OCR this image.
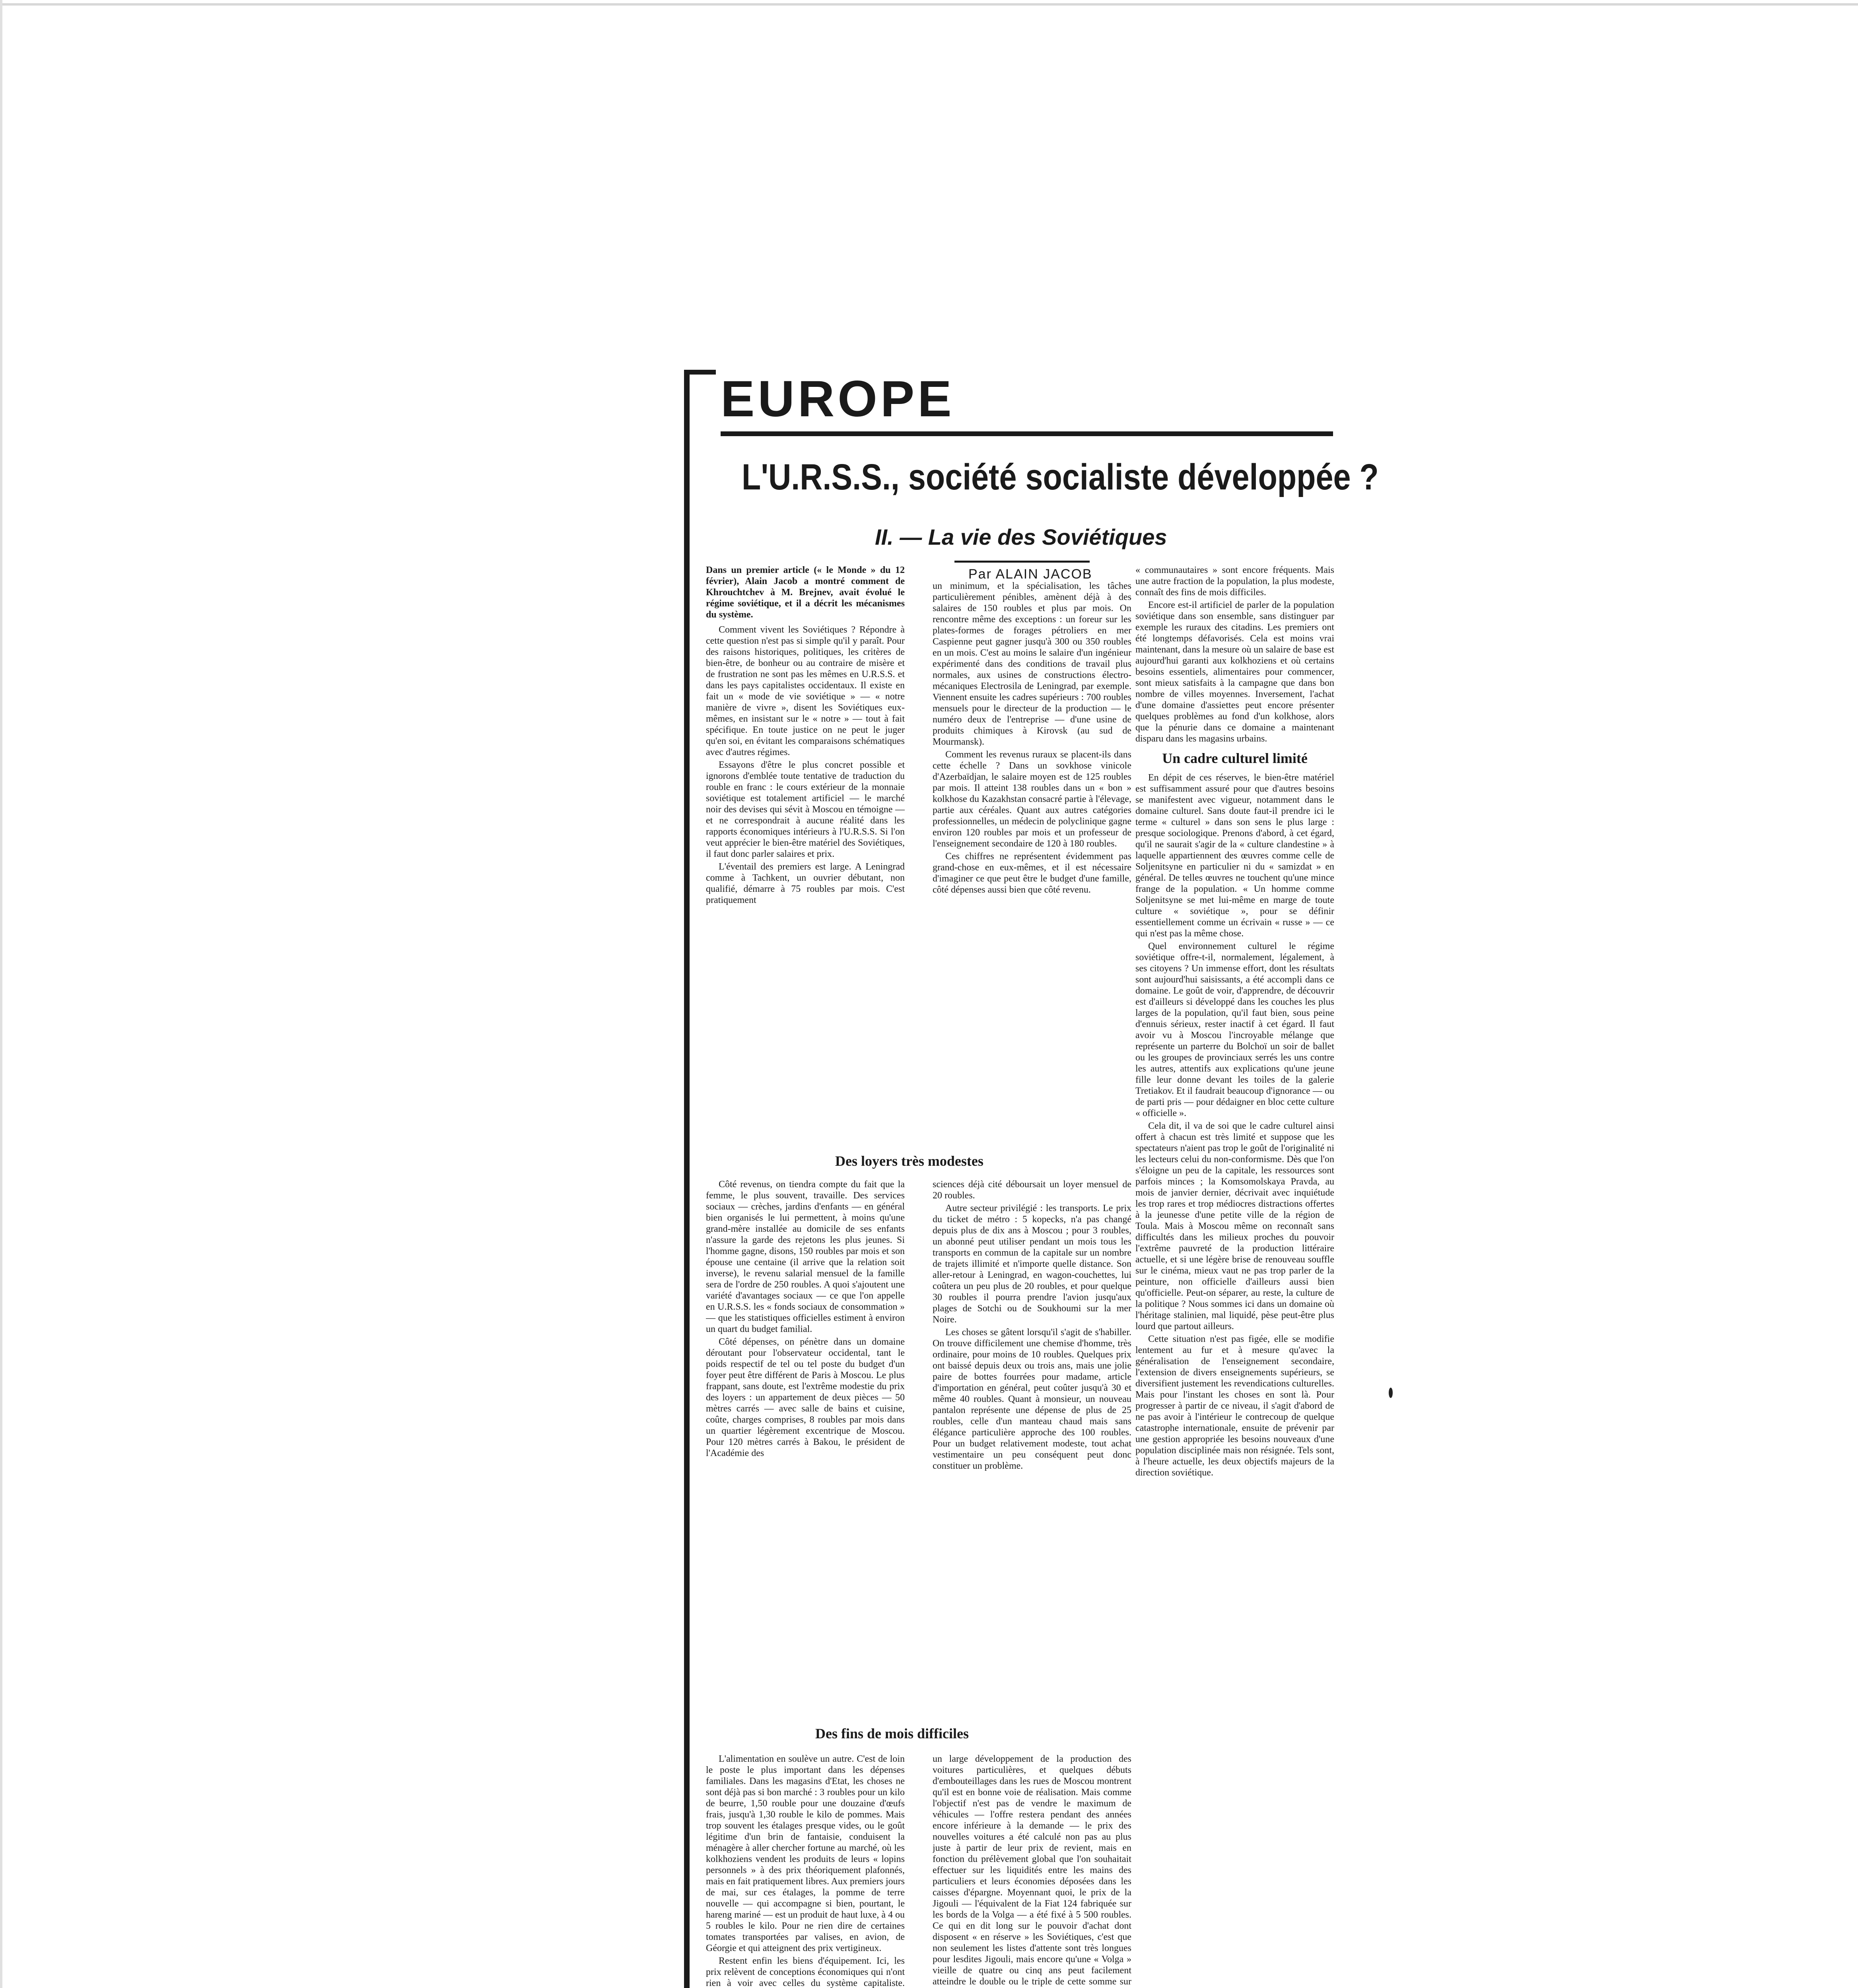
EUROPE
L'U.R.S.S., société socialiste développée ?
II. — La vie des Soviétiques
Par ALAIN JACOB

Dans un premier article (« le Monde » du 12 février), Alain Jacob a montré comment de Khrouchtchev à M. Brejnev, avait évolué le régime soviétique, et il a décrit les mécanismes du système.

Comment vivent les Soviétiques ? Répondre à cette question n'est pas si simple qu'il y paraît. Pour des raisons historiques, politiques, les critères de bien-être, de bonheur ou au contraire de misère et de frustration ne sont pas les mêmes en U.R.S.S. et dans les pays capitalistes occidentaux. Il existe en fait un « mode de vie soviétique » — « notre manière de vivre », disent les Soviétiques eux-mêmes, en insistant sur le « notre » — tout à fait spécifique. En toute justice on ne peut le juger qu'en soi, en évitant les comparaisons schématiques avec d'autres régimes.

Essayons d'être le plus concret possible et ignorons d'emblée toute tentative de traduction du rouble en franc : le cours extérieur de la monnaie soviétique est totalement artificiel — le marché noir des devises qui sévit à Moscou en témoigne — et ne correspondrait à aucune réalité dans les rapports économiques intérieurs à l'U.R.S.S. Si l'on veut apprécier le bien-être matériel des Soviétiques, il faut donc parler salaires et prix.

L'éventail des premiers est large. A Leningrad comme à Tachkent, un ouvrier débutant, non qualifié, démarre à 75 roubles par mois. C'est pratiquement

un minimum, et la spécialisation, les tâches particulièrement pénibles, amènent déjà à des salaires de 150 roubles et plus par mois. On rencontre même des exceptions : un foreur sur les plates-formes de forages pétroliers en mer Caspienne peut gagner jusqu'à 300 ou 350 roubles en un mois. C'est au moins le salaire d'un ingénieur expérimenté dans des conditions de travail plus normales, aux usines de constructions électro-mécaniques Electrosila de Leningrad, par exemple. Viennent ensuite les cadres supérieurs : 700 roubles mensuels pour le directeur de la production — le numéro deux de l'entreprise — d'une usine de produits chimiques à Kirovsk (au sud de Mourmansk).

Comment les revenus ruraux se placent-ils dans cette échelle ? Dans un sovkhose vinicole d'Azerbaïdjan, le salaire moyen est de 125 roubles par mois. Il atteint 138 roubles dans un « bon » kolkhose du Kazakhstan consacré partie à l'élevage, partie aux céréales. Quant aux autres catégories professionnelles, un médecin de polyclinique gagne environ 120 roubles par mois et un professeur de l'enseignement secondaire de 120 à 180 roubles.

Ces chiffres ne représentent évidemment pas grand-chose en eux-mêmes, et il est nécessaire d'imaginer ce que peut être le budget d'une famille, côté dépenses aussi bien que côté revenu.

« communautaires » sont encore fréquents. Mais une autre fraction de la population, la plus modeste, connaît des fins de mois difficiles.

Encore est-il artificiel de parler de la population soviétique dans son ensemble, sans distinguer par exemple les ruraux des citadins. Les premiers ont été longtemps défavorisés. Cela est moins vrai maintenant, dans la mesure où un salaire de base est aujourd'hui garanti aux kolkhoziens et où certains besoins essentiels, alimentaires pour commencer, sont mieux satisfaits à la campagne que dans bon nombre de villes moyennes. Inversement, l'achat d'une domaine d'assiettes peut encore présenter quelques problèmes au fond d'un kolkhose, alors que la pénurie dans ce domaine a maintenant disparu dans les magasins urbains.

Un cadre culturel limité

En dépit de ces réserves, le bien-être matériel est suffisamment assuré pour que d'autres besoins se manifestent avec vigueur, notamment dans le domaine culturel. Sans doute faut-il prendre ici le terme « culturel » dans son sens le plus large : presque sociologique. Prenons d'abord, à cet égard, qu'il ne saurait s'agir de la « culture clandestine » à laquelle appartiennent des œuvres comme celle de Soljenitsyne en particulier ni du « samizdat » en général. De telles œuvres ne touchent qu'une mince frange de la population. « Un homme comme Soljenitsyne se met lui-même en marge de toute culture « soviétique », pour se définir essentiellement comme un écrivain « russe » — ce qui n'est pas la même chose.

Quel environnement culturel le régime soviétique offre-t-il, normalement, légalement, à ses citoyens ? Un immense effort, dont les résultats sont aujourd'hui saisissants, a été accompli dans ce domaine. Le goût de voir, d'apprendre, de découvrir est d'ailleurs si développé dans les couches les plus larges de la population, qu'il faut bien, sous peine d'ennuis sérieux, rester inactif à cet égard. Il faut avoir vu à Moscou l'incroyable mélange que représente un parterre du Bolchoï un soir de ballet ou les groupes de provinciaux serrés les uns contre les autres, attentifs aux explications qu'une jeune fille leur donne devant les toiles de la galerie Tretiakov. Et il faudrait beaucoup d'ignorance — ou de parti pris — pour dédaigner en bloc cette culture « officielle ».

Cela dit, il va de soi que le cadre culturel ainsi offert à chacun est très limité et suppose que les spectateurs n'aient pas trop le goût de l'originalité ni les lecteurs celui du non-conformisme. Dès que l'on s'éloigne un peu de la capitale, les ressources sont parfois minces ; la Komsomolskaya Pravda, au mois de janvier dernier, décrivait avec inquiétude les trop rares et trop médiocres distractions offertes à la jeunesse d'une petite ville de la région de Toula. Mais à Moscou même on reconnaît sans difficultés dans les milieux proches du pouvoir l'extrême pauvreté de la production littéraire actuelle, et si une légère brise de renouveau souffle sur le cinéma, mieux vaut ne pas trop parler de la peinture, non officielle d'ailleurs aussi bien qu'officielle. Peut-on séparer, au reste, la culture de la politique ? Nous sommes ici dans un domaine où l'héritage stalinien, mal liquidé, pèse peut-être plus lourd que partout ailleurs.

Cette situation n'est pas figée, elle se modifie lentement au fur et à mesure qu'avec la généralisation de l'enseignement secondaire, l'extension de divers enseignements supérieurs, se diversifient justement les revendications culturelles. Mais pour l'instant les choses en sont là. Pour progresser à partir de ce niveau, il s'agit d'abord de ne pas avoir à l'intérieur le contrecoup de quelque catastrophe internationale, ensuite de prévenir par une gestion appropriée les besoins nouveaux d'une population disciplinée mais non résignée. Tels sont, à l'heure actuelle, les deux objectifs majeurs de la direction soviétique.

Des loyers très modestes

Côté revenus, on tiendra compte du fait que la femme, le plus souvent, travaille. Des services sociaux — crèches, jardins d'enfants — en général bien organisés le lui permettent, à moins qu'une grand-mère installée au domicile de ses enfants n'assure la garde des rejetons les plus jeunes. Si l'homme gagne, disons, 150 roubles par mois et son épouse une centaine (il arrive que la relation soit inverse), le revenu salarial mensuel de la famille sera de l'ordre de 250 roubles. A quoi s'ajoutent une variété d'avantages sociaux — ce que l'on appelle en U.R.S.S. les « fonds sociaux de consommation » — que les statistiques officielles estiment à environ un quart du budget familial.

Côté dépenses, on pénètre dans un domaine déroutant pour l'observateur occidental, tant le poids respectif de tel ou tel poste du budget d'un foyer peut être différent de Paris à Moscou. Le plus frappant, sans doute, est l'extrême modestie du prix des loyers : un appartement de deux pièces — 50 mètres carrés — avec salle de bains et cuisine, coûte, charges comprises, 8 roubles par mois dans un quartier légèrement excentrique de Moscou. Pour 120 mètres carrés à Bakou, le président de l'Académie des

sciences déjà cité déboursait un loyer mensuel de 20 roubles.

Autre secteur privilégié : les transports. Le prix du ticket de métro : 5 kopecks, n'a pas changé depuis plus de dix ans à Moscou ; pour 3 roubles, un abonné peut utiliser pendant un mois tous les transports en commun de la capitale sur un nombre de trajets illimité et n'importe quelle distance. Son aller-retour à Leningrad, en wagon-couchettes, lui coûtera un peu plus de 20 roubles, et pour quelque 30 roubles il pourra prendre l'avion jusqu'aux plages de Sotchi ou de Soukhoumi sur la mer Noire.

Les choses se gâtent lorsqu'il s'agit de s'habiller. On trouve difficilement une chemise d'homme, très ordinaire, pour moins de 10 roubles. Quelques prix ont baissé depuis deux ou trois ans, mais une jolie paire de bottes fourrées pour madame, article d'importation en général, peut coûter jusqu'à 30 et même 40 roubles. Quant à monsieur, un nouveau pantalon représente une dépense de plus de 25 roubles, celle d'un manteau chaud mais sans élégance particulière approche des 100 roubles. Pour un budget relativement modeste, tout achat vestimentaire un peu conséquent peut donc constituer un problème.

Des fins de mois difficiles

L'alimentation en soulève un autre. C'est de loin le poste le plus important dans les dépenses familiales. Dans les magasins d'Etat, les choses ne sont déjà pas si bon marché : 3 roubles pour un kilo de beurre, 1,50 rouble pour une douzaine d'œufs frais, jusqu'à 1,30 rouble le kilo de pommes. Mais trop souvent les étalages presque vides, ou le goût légitime d'un brin de fantaisie, conduisent la ménagère à aller chercher fortune au marché, où les kolkhoziens vendent les produits de leurs « lopins personnels » à des prix théoriquement plafonnés, mais en fait pratiquement libres. Aux premiers jours de mai, sur ces étalages, la pomme de terre nouvelle — qui accompagne si bien, pourtant, le hareng mariné — est un produit de haut luxe, à 4 ou 5 roubles le kilo. Pour ne rien dire de certaines tomates transportées par valises, en avion, de Géorgie et qui atteignent des prix vertigineux.

Restent enfin les biens d'équipement. Ici, les prix relèvent de conceptions économiques qui n'ont rien à voir avec celles du système capitaliste.

un large développement de la production des voitures particulières, et quelques débuts d'embouteillages dans les rues de Moscou montrent qu'il est en bonne voie de réalisation. Mais comme l'objectif n'est pas de vendre le maximum de véhicules — l'offre restera pendant des années encore inférieure à la demande — le prix des nouvelles voitures a été calculé non pas au plus juste à partir de leur prix de revient, mais en fonction du prélèvement global que l'on souhaitait effectuer sur les liquidités entre les mains des particuliers et leurs économies déposées dans les caisses d'épargne. Moyennant quoi, le prix de la Jigouli — l'équivalent de la Fiat 124 fabriquée sur les bords de la Volga — a été fixé à 5 500 roubles. Ce qui en dit long sur le pouvoir d'achat dont disposent « en réserve » les Soviétiques, c'est que non seulement les listes d'attente sont très longues pour lesdites Jigouli, mais encore qu'une « Volga » vieille de quatre ou cinq ans peut facilement atteindre le double ou le triple de cette somme sur
